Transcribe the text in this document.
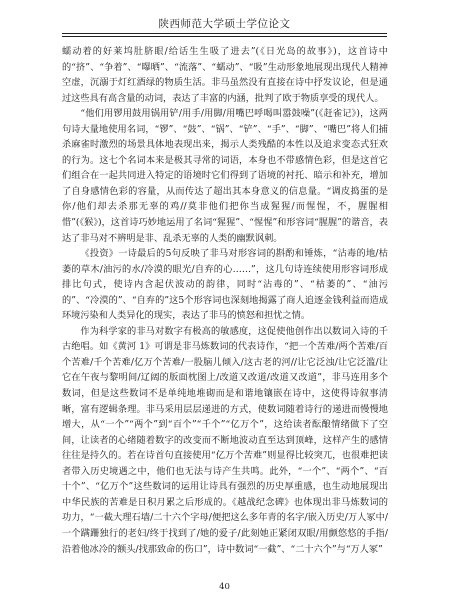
陕西师范大学硕士学位论文

蠕动着的好莱坞肚脐眼/给话生生吸了进去”(《日光岛的故事》)，这首诗中的“挤”、“争着”、“曝晒”、“流落”、“蠕动”、“吸”生动形象地展现出现代人精神空虚，沉溺于灯红酒绿的物质生活。非马虽然没有直接在诗中抒发议论，但是通过这些具有高含量的动词，表达了丰富的内涵，批判了欧于物质享受的现代人。

“他们用锣用鼓用锅用铲/用手/用脚/用嘴巴呼喝叫嚣鼓噪”(《赶雀记》)，这两句诗大量地使用名词，“锣”、“鼓”、“锅”、“铲”、“手”、“脚”、“嘴巴”将人们捕杀麻雀时激烈的场景具体地表现出来，揭示人类残酷的本性以及追求变态式狂欢的行为。这七个名词本来是极其寻常的词语，本身也不带感情色彩，但是这首它们组合在一起共同进入特定的语境时它们得到了语境的衬托、暗示和补充，增加了自身感情色彩的容量，从而传达了超出其本身意义的信息量。“调皮捣蛋的是你/他们却去杀那无辜的鸡//莫非他们把你当成猩猩/而惺惺，不，腥腥相惜”(《猴》)，这首诗巧妙地运用了名词“猩猩”、“惺惺”和形容词“腥腥”的谐音，表达了非马对不辨明是非、乱杀无辜的人类的幽默讽刺。

《投资》一诗最后的5句反映了非马对形容词的斟酌和锤炼，“沾毒的地/枯萎的草木/油污的水/冷漠的眼光/自弃的心……”，这几句诗连续使用形容词形成排比句式，使诗内含起伏波动的韵律，同时“沾毒的”、“枯萎的”、“油污的”、“冷漠的”、“自弃的”这5个形容词也深刻地揭露了商人追逐金钱利益而造成环境污染和人类异化的现实，表达了非马的愤怒和担忧之情。

作为科学家的非马对数字有极高的敏感度，这促使他创作出以数词入诗的千古绝唱。如《黄河 1》可谓是非马炼数词的代表诗作，“把一个苦难/两个苦难/百个苦难/千个苦难/亿万个苦难/一股脑儿倾入/这古老的河//让它泛浊/让它泛滥/让它在午夜与黎明间/辽阔的版面枕图上/改道又改道/改道又改道”，非马连用多个数词，但是这些数词不是单纯地堆砌而是和谐地镶嵌在诗中，这使得诗叙事清晰，富有逻辑条理。非马采用层层递进的方式，使数词随着诗行的递进而慢慢地增大，从“一个”“两个”到“百个”“千个”“亿万个”，这给读者酝酿情绪做下了空间，让读者的心绪随着数字的改变而不断地波动直至达到顶峰，这样产生的感情往往是持久的。若在诗首句直接使用“亿万个苦难”则显得比较突兀，也很难把读者带入历史境遇之中，他们也无法与诗产生共鸣。此外，“一个”、“两个”、“百十个”、“亿万个”这些数词的运用让诗具有强烈的历史厚重感，也生动地展现出中华民族的苦难是日积月累之后形成的。《越战纪念碑》也体现出非马炼数词的功力，“一截大理石墙/二十六个字母/便把这么多年青的名字/嵌入历史/万人冢中/一个蹒跚独行的老妇/终于找到了/她的爱子/此刻她正紧闭双眼/用颤悠悠的手指/沿着他冰冷的额头/找那致命的伤口”，诗中数词“一截”、“二十六个”与“万人冢”

40
